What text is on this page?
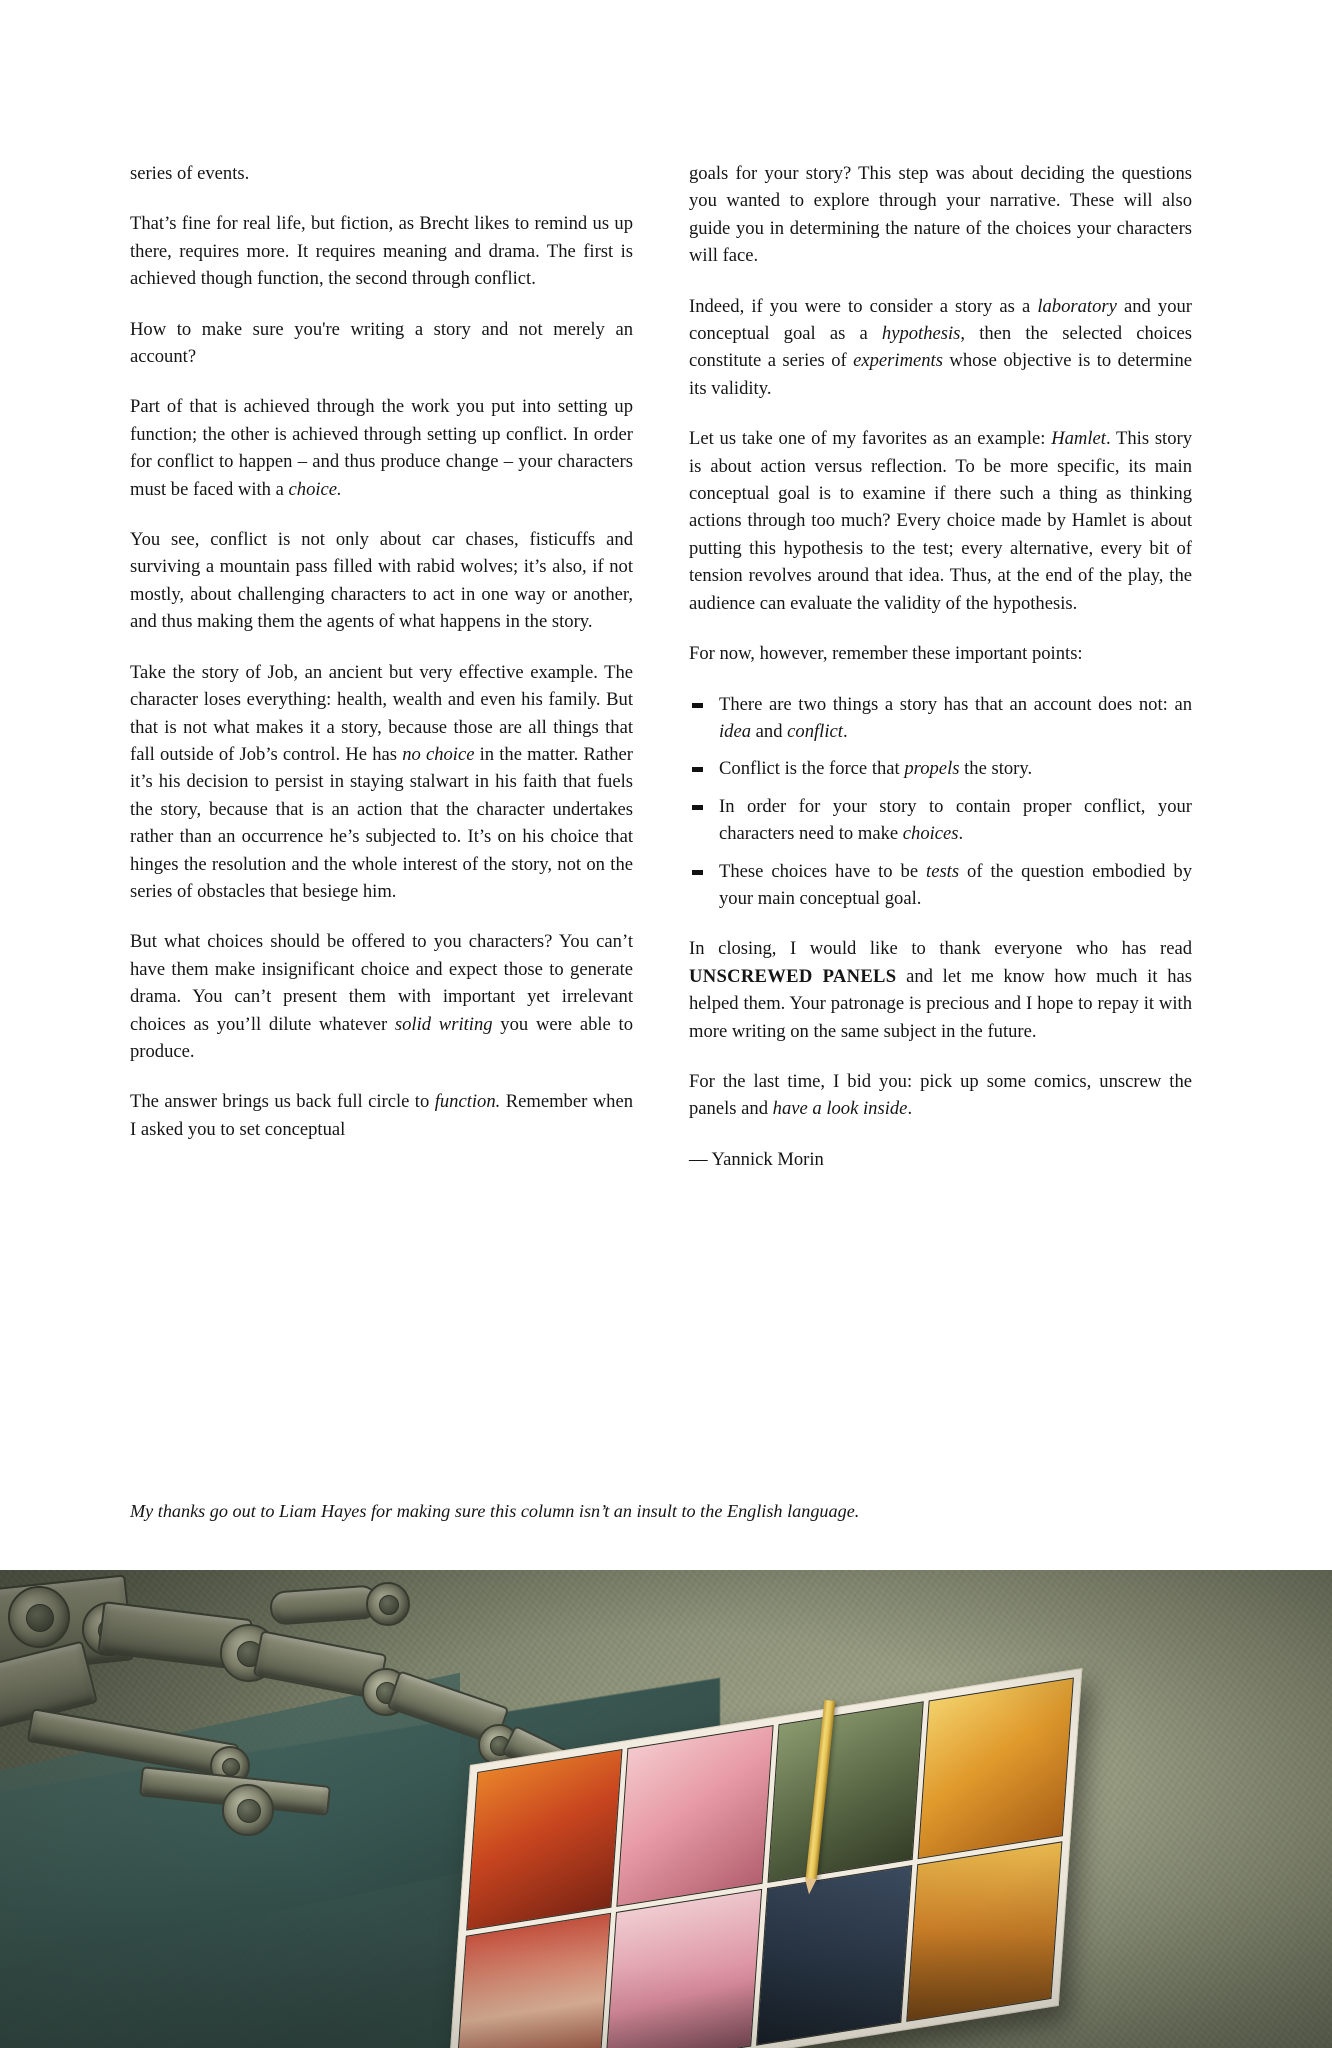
series of events.

That’s fine for real life, but fiction, as Brecht likes to remind us up there, requires more. It requires meaning and drama. The first is achieved though function, the second through conflict.

How to make sure you're writing a story and not merely an account?

Part of that is achieved through the work you put into setting up function; the other is achieved through setting up conflict. In order for conflict to happen – and thus produce change – your characters must be faced with a choice.

You see, conflict is not only about car chases, fisticuffs and surviving a mountain pass filled with rabid wolves; it’s also, if not mostly, about challenging characters to act in one way or another, and thus making them the agents of what happens in the story.

Take the story of Job, an ancient but very effective example. The character loses everything: health, wealth and even his family. But that is not what makes it a story, because those are all things that fall outside of Job’s control. He has no choice in the matter. Rather it’s his decision to persist in staying stalwart in his faith that fuels the story, because that is an action that the character undertakes rather than an occurrence he’s subjected to. It’s on his choice that hinges the resolution and the whole interest of the story, not on the series of obstacles that besiege him.

But what choices should be offered to you characters? You can’t have them make insignificant choice and expect those to generate drama. You can’t present them with important yet irrelevant choices as you’ll dilute whatever solid writing you were able to produce.

The answer brings us back full circle to function. Remember when I asked you to set conceptual

goals for your story? This step was about deciding the questions you wanted to explore through your narrative. These will also guide you in determining the nature of the choices your characters will face.

Indeed, if you were to consider a story as a laboratory and your conceptual goal as a hypothesis, then the selected choices constitute a series of experiments whose objective is to determine its validity.

Let us take one of my favorites as an example: Hamlet. This story is about action versus reflection. To be more specific, its main conceptual goal is to examine if there such a thing as thinking actions through too much? Every choice made by Hamlet is about putting this hypothesis to the test; every alternative, every bit of tension revolves around that idea. Thus, at the end of the play, the audience can evaluate the validity of the hypothesis.

For now, however, remember these important points:

There are two things a story has that an account does not: an idea and conflict.
Conflict is the force that propels the story.
In order for your story to contain proper conflict, your characters need to make choices.
These choices have to be tests of the question embodied by your main conceptual goal.

In closing, I would like to thank everyone who has read UNSCREWED PANELS and let me know how much it has helped them. Your patronage is precious and I hope to repay it with more writing on the same subject in the future.

For the last time, I bid you: pick up some comics, unscrew the panels and have a look inside.

— Yannick Morin
My thanks go out to Liam Hayes for making sure this column isn’t an insult to the English language.
